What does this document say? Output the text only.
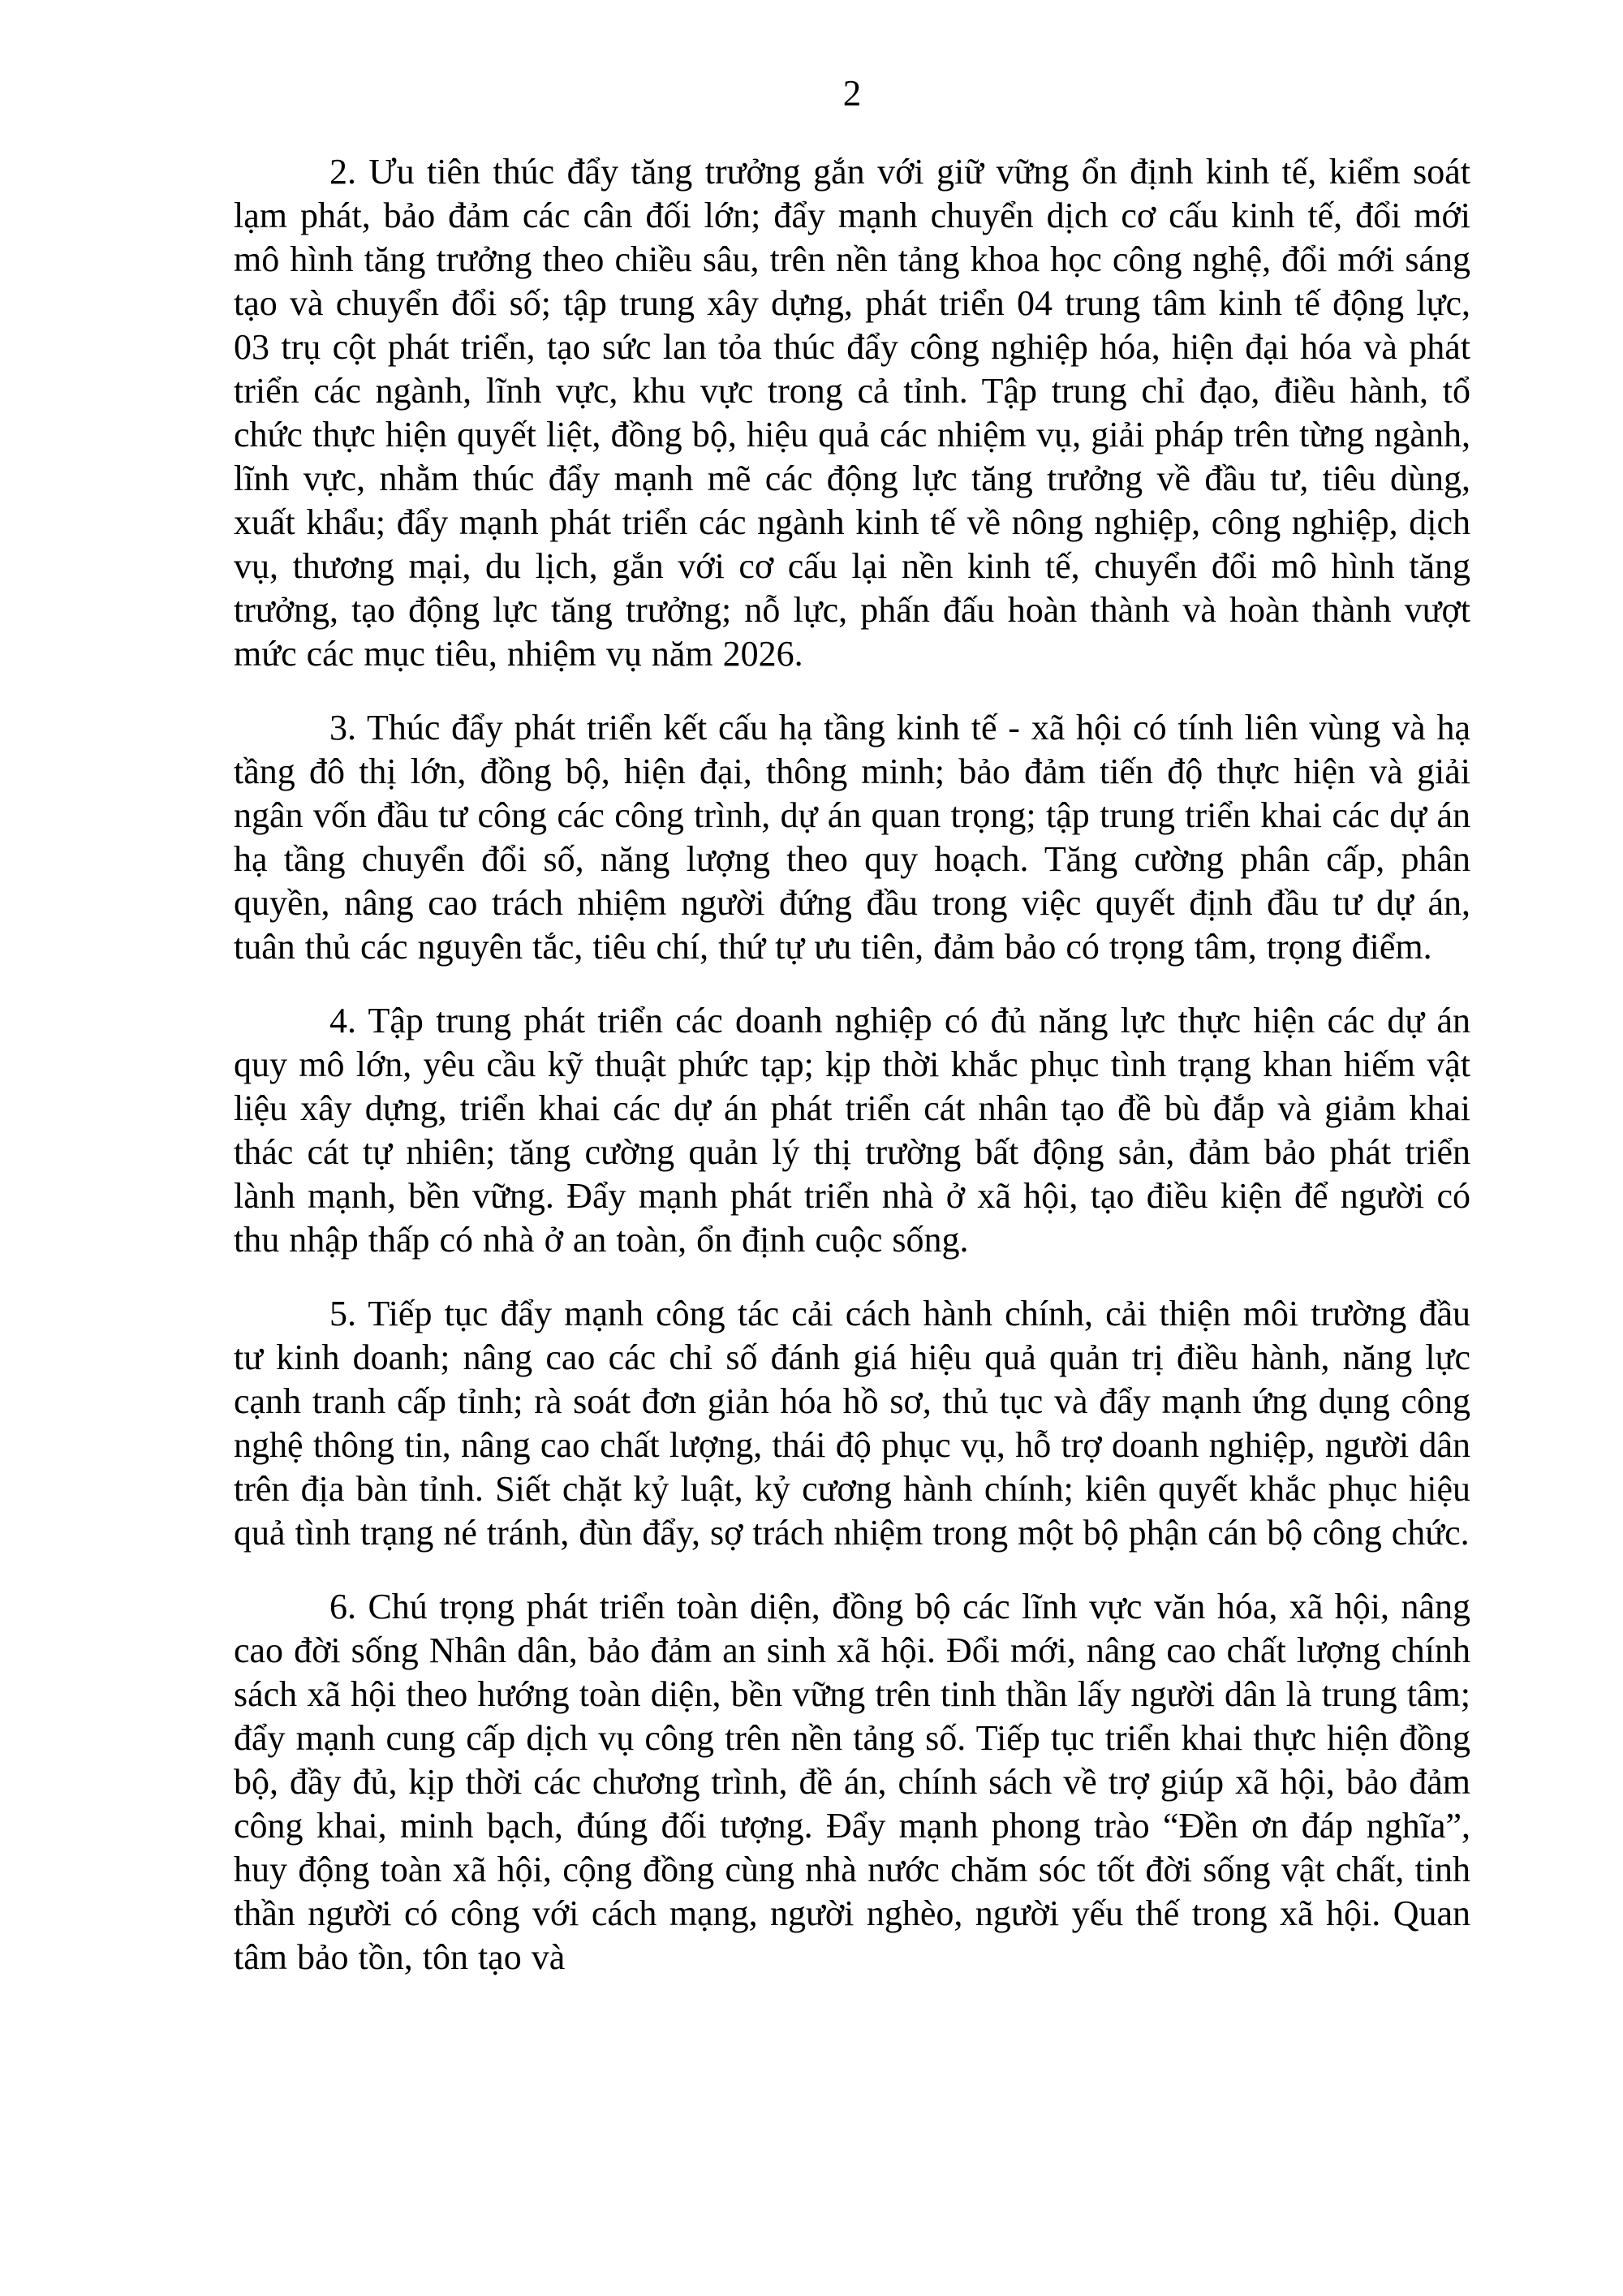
2

2. Ưu tiên thúc đẩy tăng trưởng gắn với giữ vững ổn định kinh tế, kiểm soát lạm phát, bảo đảm các cân đối lớn; đẩy mạnh chuyển dịch cơ cấu kinh tế, đổi mới mô hình tăng trưởng theo chiều sâu, trên nền tảng khoa học công nghệ, đổi mới sáng tạo và chuyển đổi số; tập trung xây dựng, phát triển 04 trung tâm kinh tế động lực, 03 trụ cột phát triển, tạo sức lan tỏa thúc đẩy công nghiệp hóa, hiện đại hóa và phát triển các ngành, lĩnh vực, khu vực trong cả tỉnh. Tập trung chỉ đạo, điều hành, tổ chức thực hiện quyết liệt, đồng bộ, hiệu quả các nhiệm vụ, giải pháp trên từng ngành, lĩnh vực, nhằm thúc đẩy mạnh mẽ các động lực tăng trưởng về đầu tư, tiêu dùng, xuất khẩu; đẩy mạnh phát triển các ngành kinh tế về nông nghiệp, công nghiệp, dịch vụ, thương mại, du lịch, gắn với cơ cấu lại nền kinh tế, chuyển đổi mô hình tăng trưởng, tạo động lực tăng trưởng; nỗ lực, phấn đấu hoàn thành và hoàn thành vượt mức các mục tiêu, nhiệm vụ năm 2026.

3. Thúc đẩy phát triển kết cấu hạ tầng kinh tế - xã hội có tính liên vùng và hạ tầng đô thị lớn, đồng bộ, hiện đại, thông minh; bảo đảm tiến độ thực hiện và giải ngân vốn đầu tư công các công trình, dự án quan trọng; tập trung triển khai các dự án hạ tầng chuyển đổi số, năng lượng theo quy hoạch. Tăng cường phân cấp, phân quyền, nâng cao trách nhiệm người đứng đầu trong việc quyết định đầu tư dự án, tuân thủ các nguyên tắc, tiêu chí, thứ tự ưu tiên, đảm bảo có trọng tâm, trọng điểm.

4. Tập trung phát triển các doanh nghiệp có đủ năng lực thực hiện các dự án quy mô lớn, yêu cầu kỹ thuật phức tạp; kịp thời khắc phục tình trạng khan hiếm vật liệu xây dựng, triển khai các dự án phát triển cát nhân tạo đề bù đắp và giảm khai thác cát tự nhiên; tăng cường quản lý thị trường bất động sản, đảm bảo phát triển lành mạnh, bền vững. Đẩy mạnh phát triển nhà ở xã hội, tạo điều kiện để người có thu nhập thấp có nhà ở an toàn, ổn định cuộc sống.

5. Tiếp tục đẩy mạnh công tác cải cách hành chính, cải thiện môi trường đầu tư kinh doanh; nâng cao các chỉ số đánh giá hiệu quả quản trị điều hành, năng lực cạnh tranh cấp tỉnh; rà soát đơn giản hóa hồ sơ, thủ tục và đẩy mạnh ứng dụng công nghệ thông tin, nâng cao chất lượng, thái độ phục vụ, hỗ trợ doanh nghiệp, người dân trên địa bàn tỉnh. Siết chặt kỷ luật, kỷ cương hành chính; kiên quyết khắc phục hiệu quả tình trạng né tránh, đùn đẩy, sợ trách nhiệm trong một bộ phận cán bộ công chức.

6. Chú trọng phát triển toàn diện, đồng bộ các lĩnh vực văn hóa, xã hội, nâng cao đời sống Nhân dân, bảo đảm an sinh xã hội. Đổi mới, nâng cao chất lượng chính sách xã hội theo hướng toàn diện, bền vững trên tinh thần lấy người dân là trung tâm; đẩy mạnh cung cấp dịch vụ công trên nền tảng số. Tiếp tục triển khai thực hiện đồng bộ, đầy đủ, kịp thời các chương trình, đề án, chính sách về trợ giúp xã hội, bảo đảm công khai, minh bạch, đúng đối tượng. Đẩy mạnh phong trào “Đền ơn đáp nghĩa”, huy động toàn xã hội, cộng đồng cùng nhà nước chăm sóc tốt đời sống vật chất, tinh thần người có công với cách mạng, người nghèo, người yếu thế trong xã hội. Quan tâm bảo tồn, tôn tạo và
